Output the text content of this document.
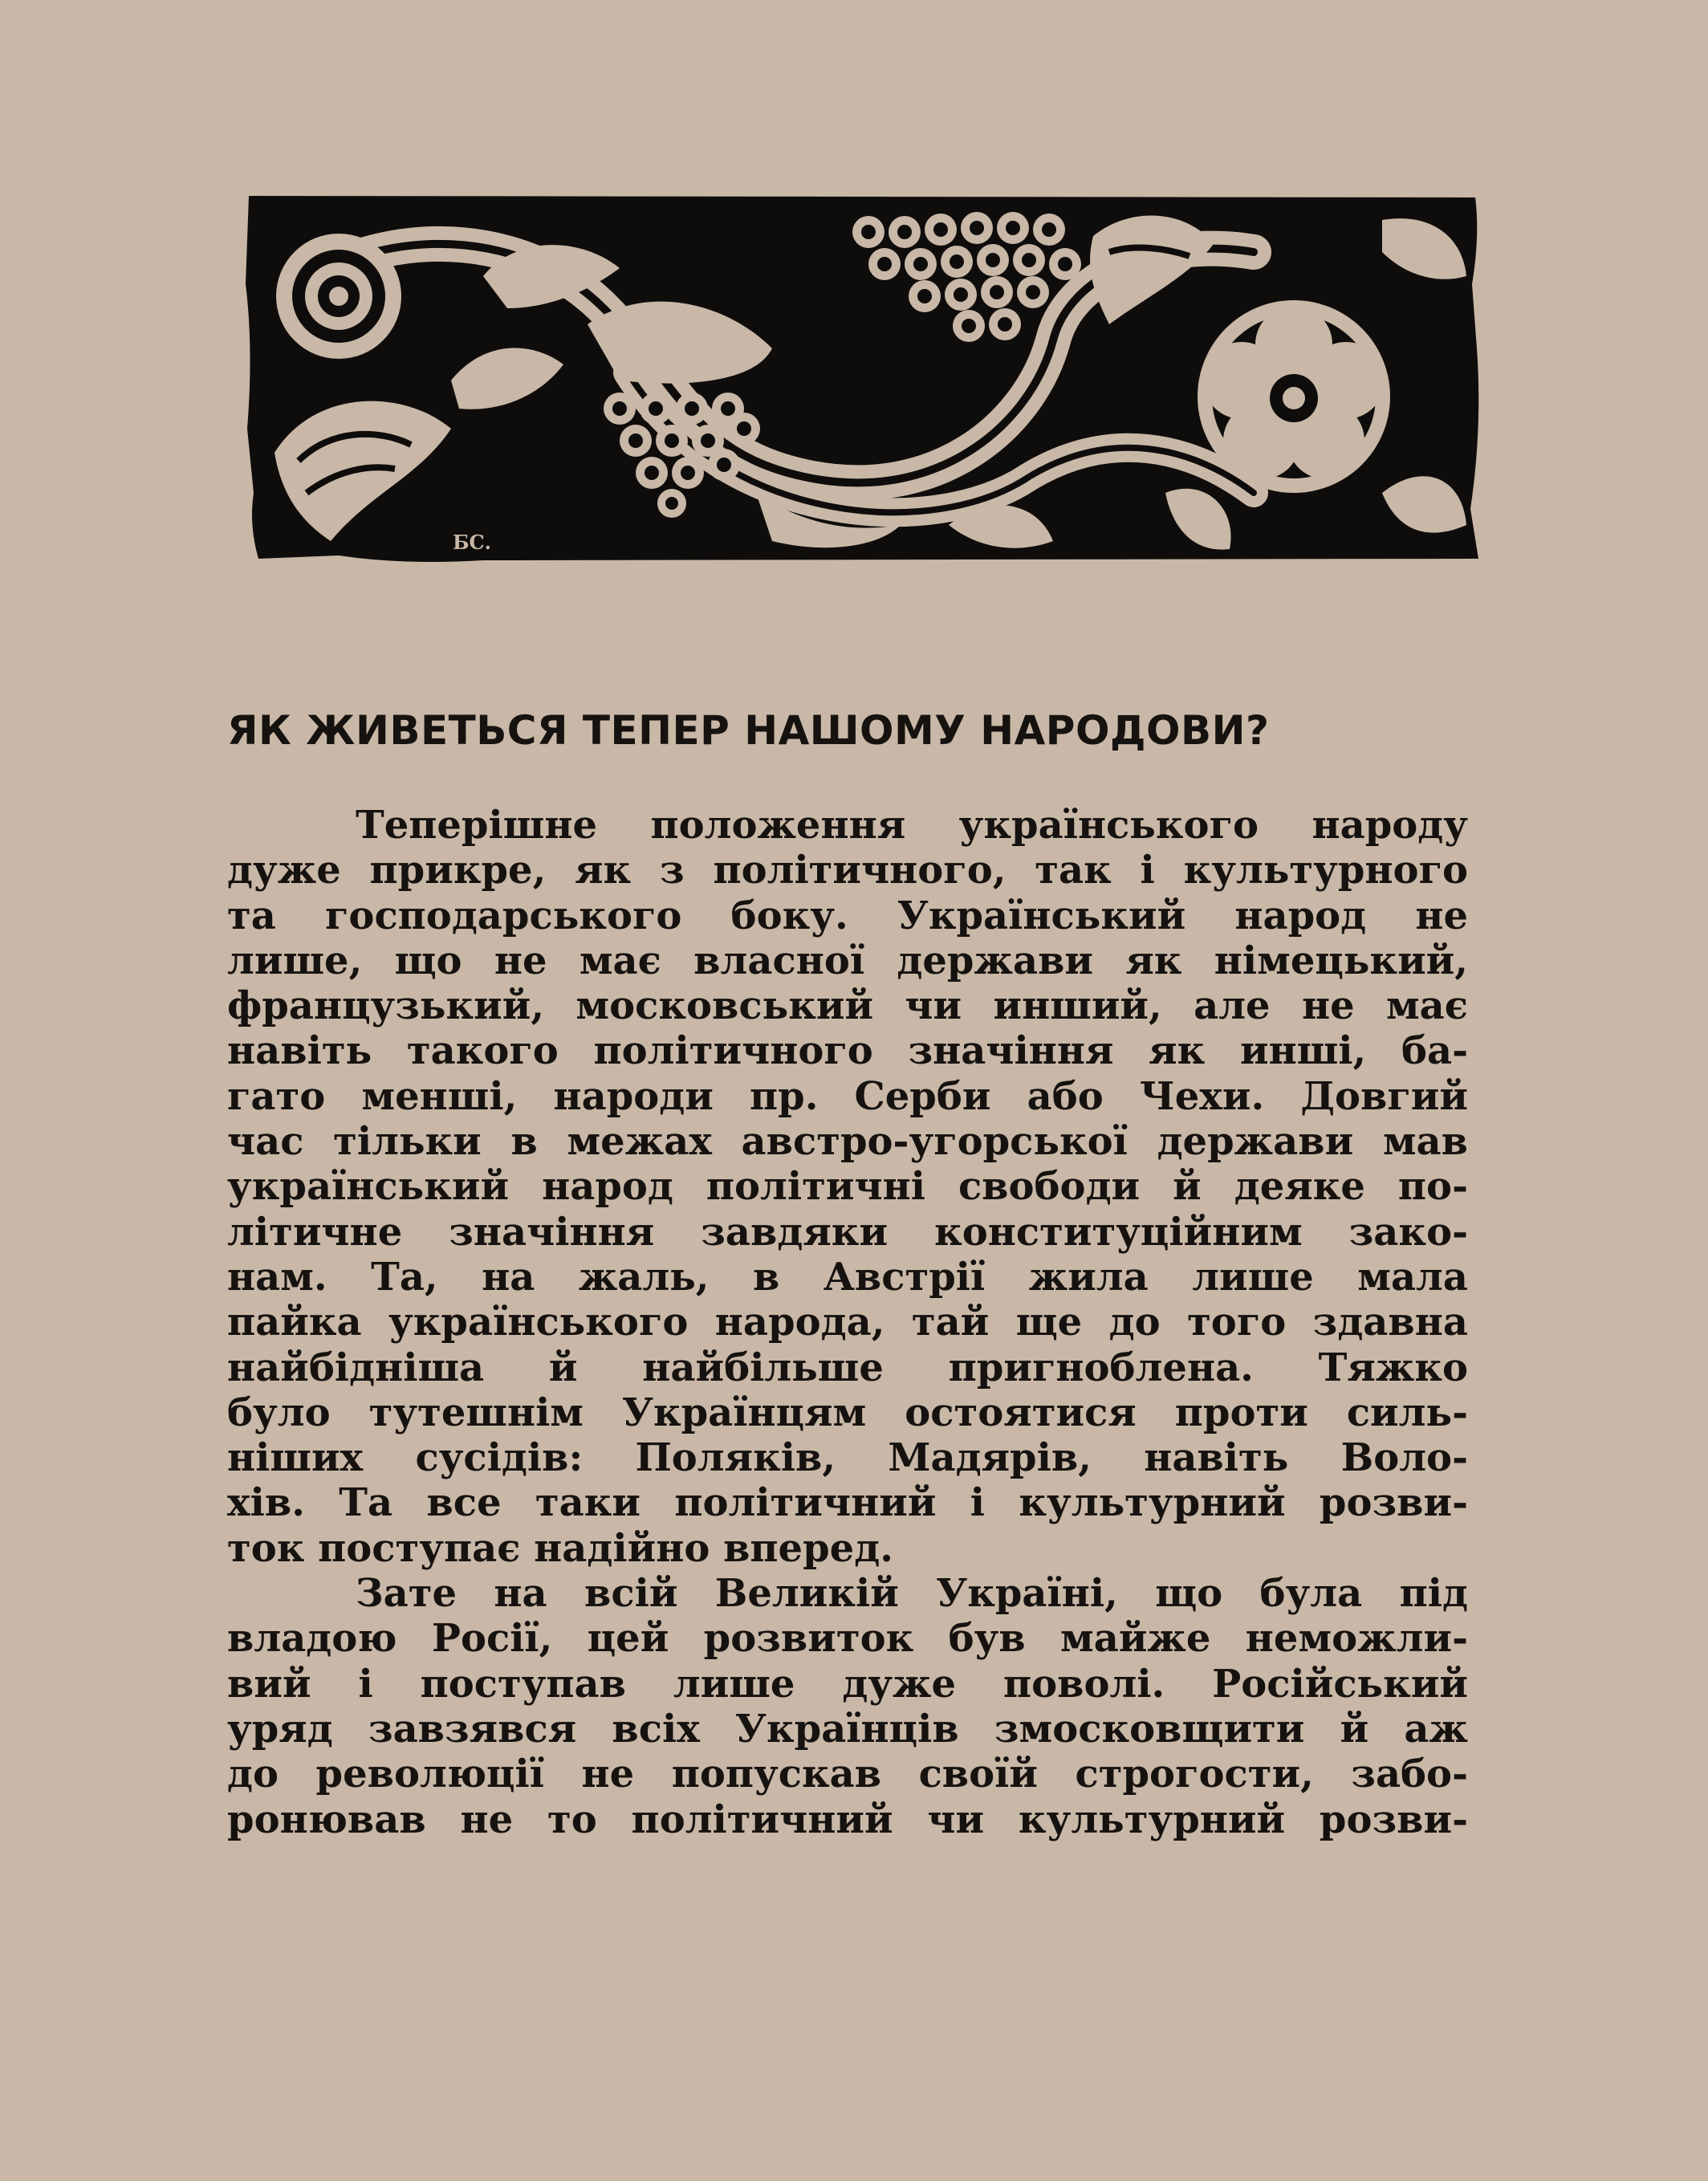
БС.
ЯК ЖИВЕТЬСЯ ТЕПЕР НАШОМУ НАРОДОВИ?

Теперішне положення українського народу
дуже прикре, як з політичного, так і культурного
та господарського боку. Український народ не
лише, що не має власної держави як німецький,
французький, московський чи инший, але не має
навіть такого політичного значіння як инші, ба-
гато менші, народи пр. Серби або Чехи. Довгий
час тільки в межах австро-угорської держави мав
український народ політичні свободи й деяке по-
літичне значіння завдяки конституційним зако-
нам. Та, на жаль, в Австрії жила лише мала
пайка українського народа, тай ще до того здавна
найбідніша й найбільше пригноблена. Тяжко
було тутешнім Українцям остоятися проти силь-
ніших сусідів: Поляків, Мадярів, навіть Воло-
хів. Та все таки політичний і культурний розви-
ток поступає надійно вперед.

Зате на всій Великій Україні, що була під
владою Росії, цей розвиток був майже неможли-
вий і поступав лише дуже поволі. Російський
уряд завзявся всіх Українців змосковщити й аж
до революції не попускав своїй строгости, забо-
ронював не то політичний чи культурний розви-
